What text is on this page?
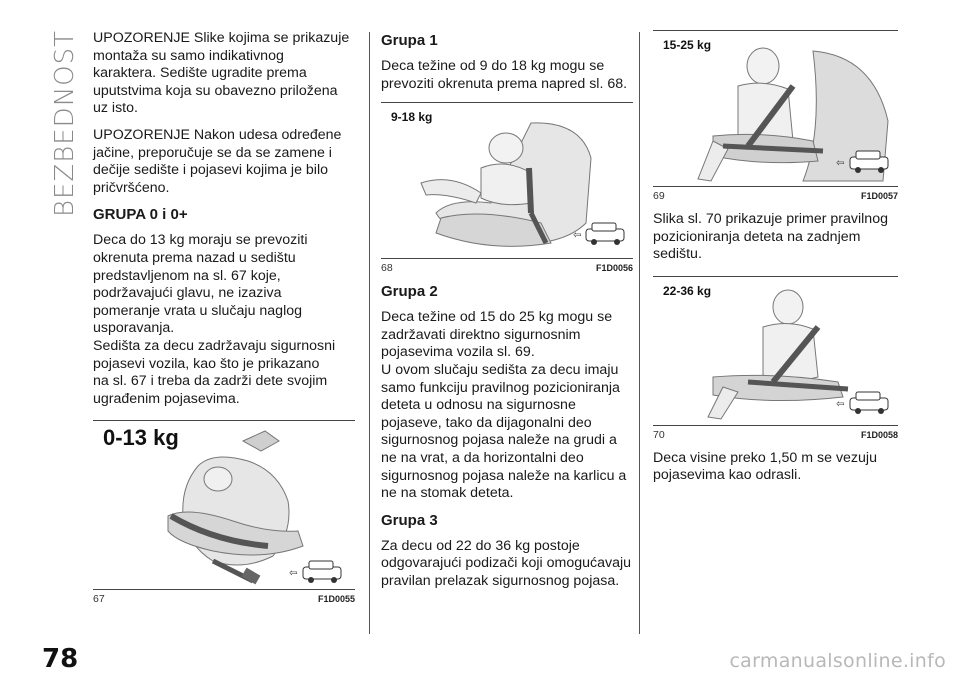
BEZBEDNOST
78	carmanualsonline.info

UPOZORENJE Slike kojima se prikazuje
montaža su samo indikativnog
karaktera. Sedište ugradite prema
uputstvima koja su obavezno priložena
uz isto.

UPOZORENJE Nakon udesa određene
jačine, preporučuje se da se zamene i
dečije sedište i pojasevi kojima je bilo
pričvršćeno.

GRUPA 0 i 0+

Deca do 13 kg moraju se prevoziti
okrenuta prema nazad u sedištu
predstavljenom na sl. 67 koje,
podržavajući glavu, ne izaziva
pomeranje vrata u slučaju naglog
usporavanja.
Sedišta za decu zadržavaju sigurnosni
pojasevi vozila, kao što je prikazano
na sl. 67 i treba da zadrži dete svojim
ugrađenim pojasevima.

0-13 kg
⇦
67	F1D0055
Grupa 1

Deca težine od 9 do 18 kg mogu se
prevoziti okrenuta prema napred sl. 68.

9-18 kg
⇦
68	F1D0056
Grupa 2

Deca težine od 15 do 25 kg mogu se
zadržavati direktno sigurnosnim
pojasevima vozila sl. 69.
U ovom slučaju sedišta za decu imaju
samo funkciju pravilnog pozicioniranja
deteta u odnosu na sigurnosne
pojaseve, tako da dijagonalni deo
sigurnosnog pojasa naleže na grudi a
ne na vrat, a da horizontalni deo
sigurnosnog pojasa naleže na karlicu a
ne na stomak deteta.

Grupa 3

Za decu od 22 do 36 kg postoje
odgovarajući podizači koji omogućavaju
pravilan prelazak sigurnosnog pojasa.

15-25 kg
⇦
69	F1D0057

Slika sl. 70 prikazuje primer pravilnog
pozicioniranja deteta na zadnjem
sedištu.

22-36 kg
⇦
70	F1D0058

Deca visine preko 1,50 m se vezuju
pojasevima kao odrasli.
